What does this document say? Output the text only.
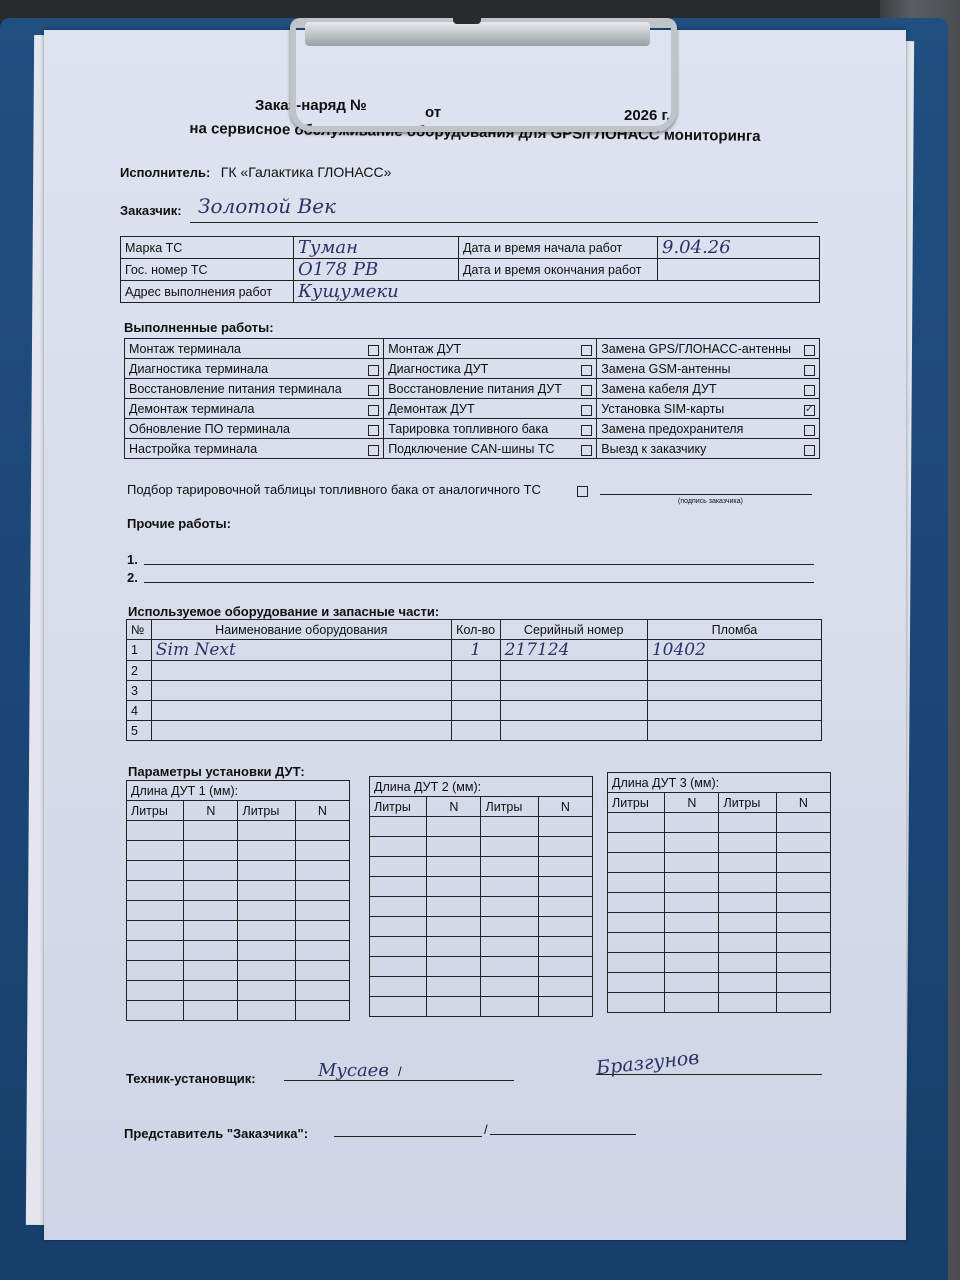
Заказ-наряд №	от	2026 г.
на сервисное обслуживание оборудования для GPS/ГЛОНАСС мониторинга
Исполнитель: ГК «Галактика ГЛОНАСС»
Заказчик: Золотой Век
Марка ТС	Туман	Дата и время начала работ	9.04.26
Гос. номер ТС	О178 РВ	Дата и время окончания работ	
Адрес выполнения работ	Кущумеки		
Выполненные работы:
Монтаж терминала	Монтаж ДУТ	Замена GPS/ГЛОНАСС-антенны

Диагностика терминала	Диагностика ДУТ	Замена GSM-антенны

Восстановление питания терминала	Восстановление питания ДУТ	Замена кабеля ДУТ

Демонтаж терминала	Демонтаж ДУТ	Установка SIM-карты ✓

Обновление ПО терминала	Тарировка топливного бака	Замена предохранителя

Настройка терминала	Подключение CAN-шины ТС	Выезд к заказчику
Подбор тарировочной таблицы топливного бака от аналогичного ТС
(подпись заказчика)
Прочие работы:
1.
2.
Используемое оборудование и запасные части:
№	Наименование оборудования	Кол-во	Серийный номер	Пломба
1	Sim Next	1	217124	10402
2				
3				
4				
5				
Параметры установки ДУТ:
Длина ДУТ 1 (мм):			
Литры	N	Литры	N

Длина ДУТ 2 (мм):			
Литры	N	Литры	N

Длина ДУТ 3 (мм):			
Литры	N	Литры	N

Техник-установщик:	Мусаев /	Бразгунов
Представитель "Заказчика":	/
